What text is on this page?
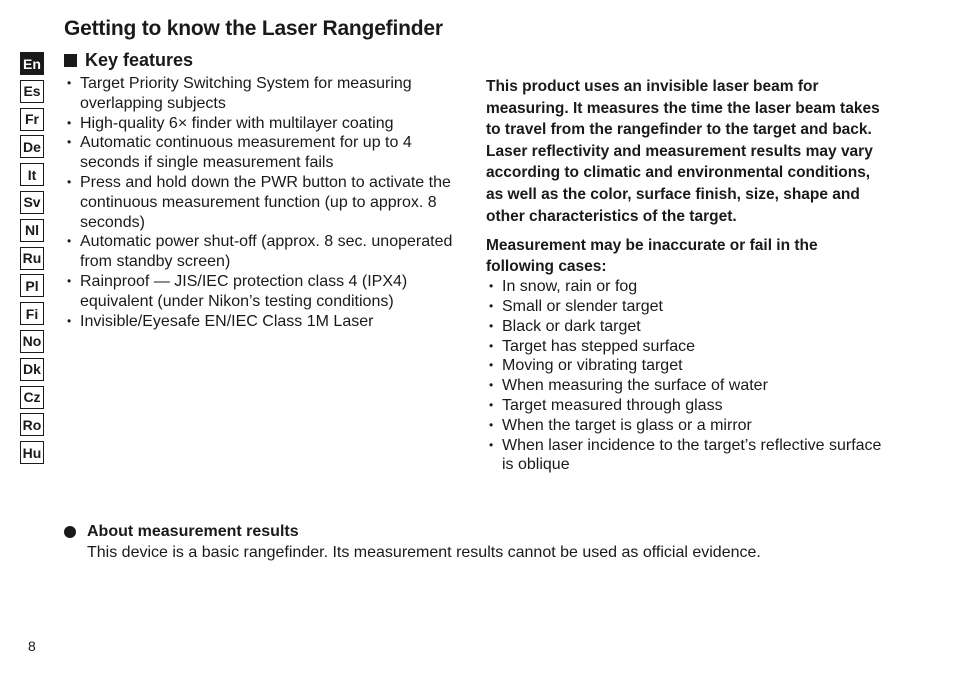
Getting to know the Laser Rangefinder
En
Es
Fr
De
It
Sv
Nl
Ru
Pl
Fi
No
Dk
Cz
Ro
Hu
Key features
• Target Priority Switching System for measuring overlapping subjects
• High-quality 6× finder with multilayer coating
• Automatic continuous measurement for up to 4 seconds if single measurement fails
• Press and hold down the PWR button to activate the continuous measurement function (up to approx. 8 seconds)
• Automatic power shut-off (approx. 8 sec. unoperated from standby screen)
• Rainproof — JIS/IEC protection class 4 (IPX4) equivalent (under Nikon’s testing conditions)
• Invisible/Eyesafe EN/IEC Class 1M Laser

This product uses an invisible laser beam for measuring. It measures the time the laser beam takes to travel from the rangefinder to the target and back. Laser reflectivity and measurement results may vary according to climatic and environmental conditions, as well as the color, surface finish, size, shape and other characteristics of the target.

Measurement may be inaccurate or fail in the following cases:

• In snow, rain or fog
• Small or slender target
• Black or dark target
• Target has stepped surface
• Moving or vibrating target
• When measuring the surface of water
• Target measured through glass
• When the target is glass or a mirror
• When laser incidence to the target’s reflective surface is oblique
About measurement results

This device is a basic rangefinder. Its measurement results cannot be used as official evidence.

8
